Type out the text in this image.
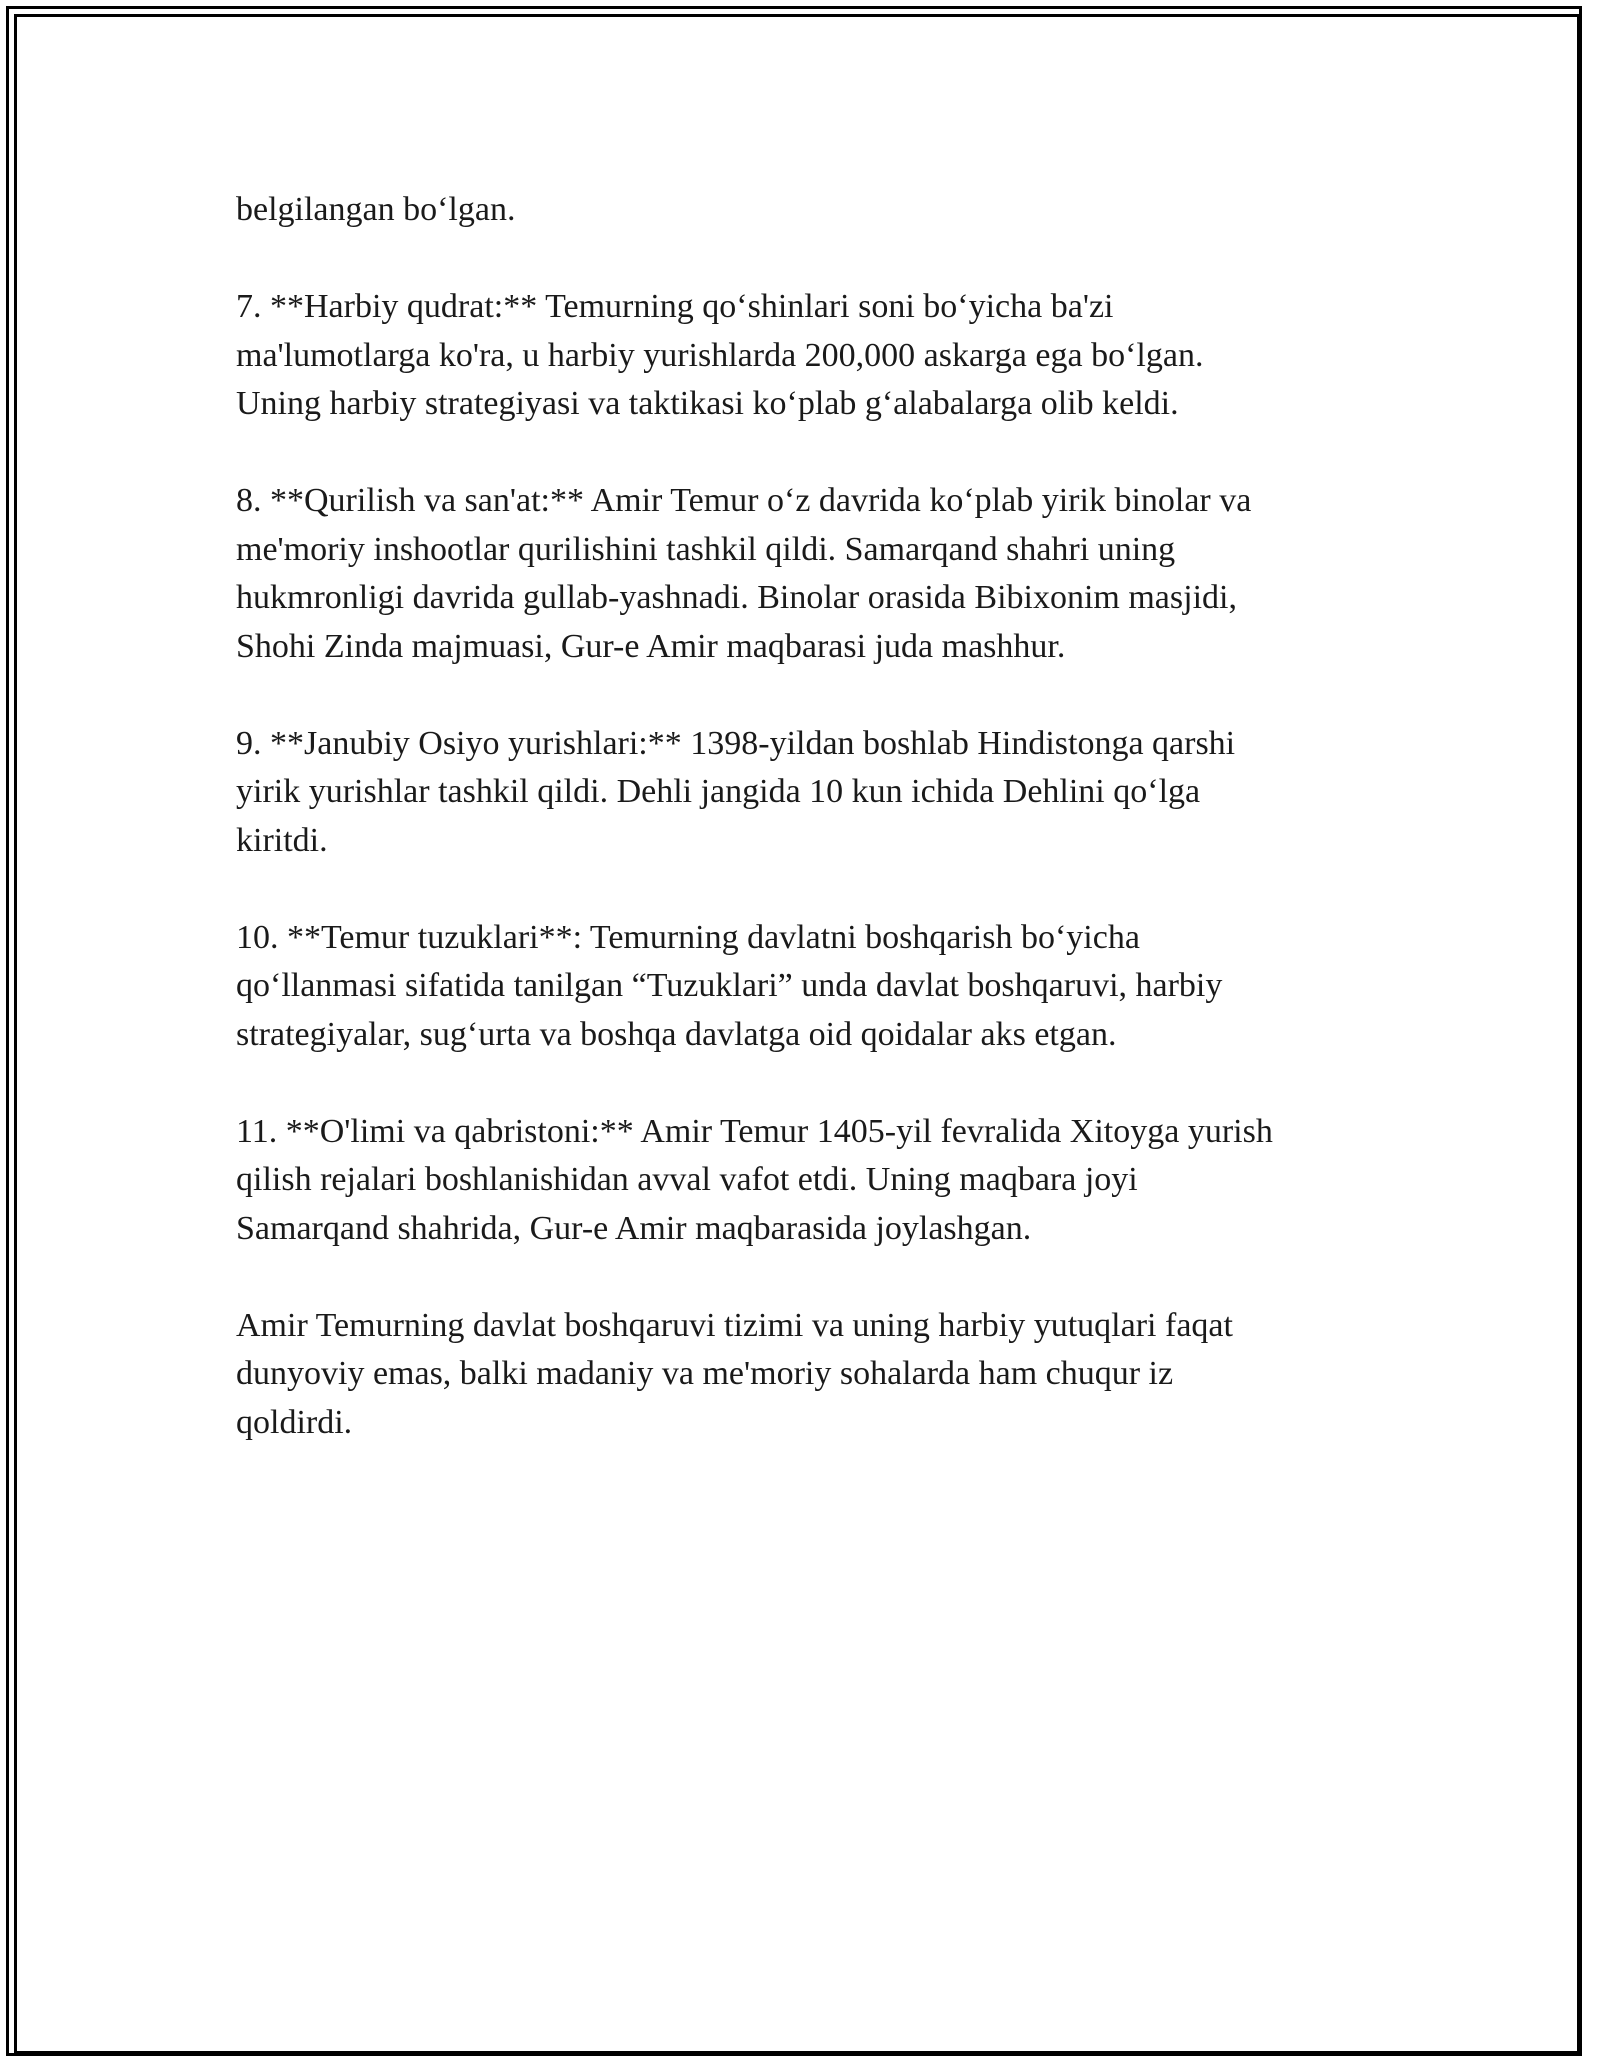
belgilangan bo‘lgan.

7. **Harbiy qudrat:** Temurning qo‘shinlari soni bo‘yicha ba'zi
ma'lumotlarga ko'ra, u harbiy yurishlarda 200,000 askarga ega bo‘lgan.
Uning harbiy strategiyasi va taktikasi ko‘plab g‘alabalarga olib keldi.

8. **Qurilish va san'at:** Amir Temur o‘z davrida ko‘plab yirik binolar va
me'moriy inshootlar qurilishini tashkil qildi. Samarqand shahri uning
hukmronligi davrida gullab-yashnadi. Binolar orasida Bibixonim masjidi,
Shohi Zinda majmuasi, Gur-e Amir maqbarasi juda mashhur.

9. **Janubiy Osiyo yurishlari:** 1398-yildan boshlab Hindistonga qarshi
yirik yurishlar tashkil qildi. Dehli jangida 10 kun ichida Dehlini qo‘lga
kiritdi.

10. **Temur tuzuklari**: Temurning davlatni boshqarish bo‘yicha
qo‘llanmasi sifatida tanilgan “Tuzuklari” unda davlat boshqaruvi, harbiy
strategiyalar, sug‘urta va boshqa davlatga oid qoidalar aks etgan.

11. **O'limi va qabristoni:** Amir Temur 1405-yil fevralida Xitoyga yurish
qilish rejalari boshlanishidan avval vafot etdi. Uning maqbara joyi
Samarqand shahrida, Gur-e Amir maqbarasida joylashgan.

Amir Temurning davlat boshqaruvi tizimi va uning harbiy yutuqlari faqat
dunyoviy emas, balki madaniy va me'moriy sohalarda ham chuqur iz
qoldirdi.
